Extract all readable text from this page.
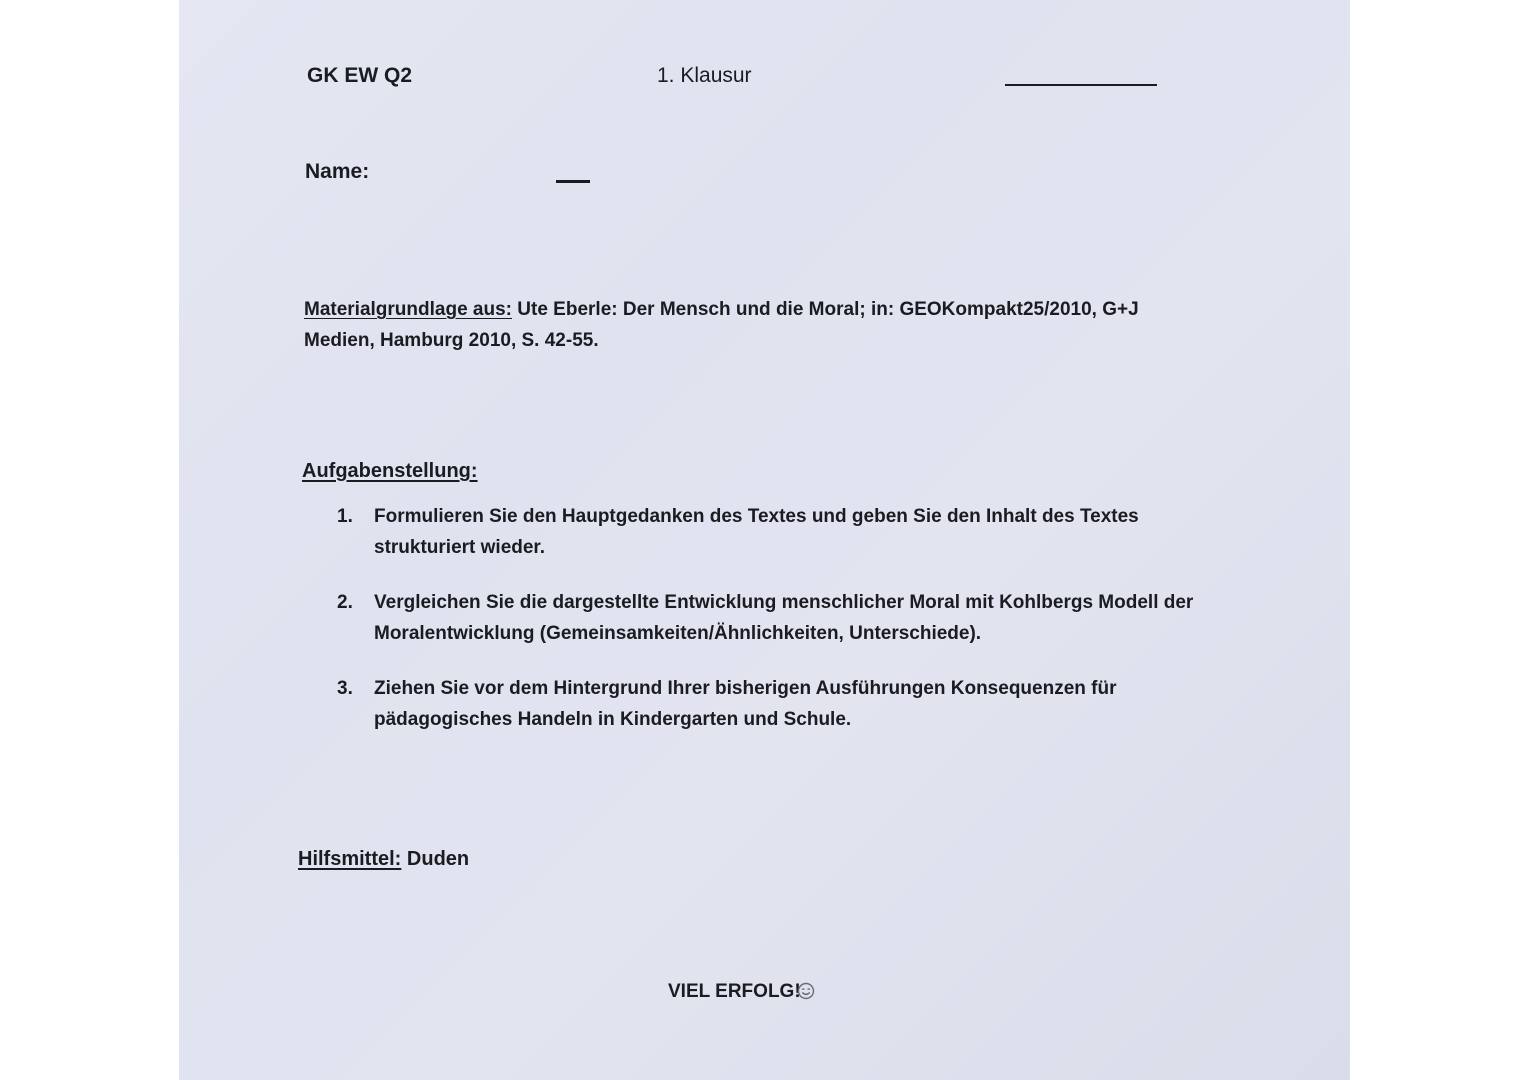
GK EW Q2	1. Klausur
Name:
Materialgrundlage aus: Ute Eberle: Der Mensch und die Moral; in: GEOKompakt25/2010, G+J
Medien, Hamburg 2010, S. 42-55.
Aufgabenstellung:
1. Formulieren Sie den Hauptgedanken des Textes und geben Sie den Inhalt des Textes
strukturiert wieder.
2. Vergleichen Sie die dargestellte Entwicklung menschlicher Moral mit Kohlbergs Modell der
Moralentwicklung (Gemeinsamkeiten/Ähnlichkeiten, Unterschiede).
3. Ziehen Sie vor dem Hintergrund Ihrer bisherigen Ausführungen Konsequenzen für
pädagogisches Handeln in Kindergarten und Schule.
Hilfsmittel: Duden
VIEL ERFOLG!
